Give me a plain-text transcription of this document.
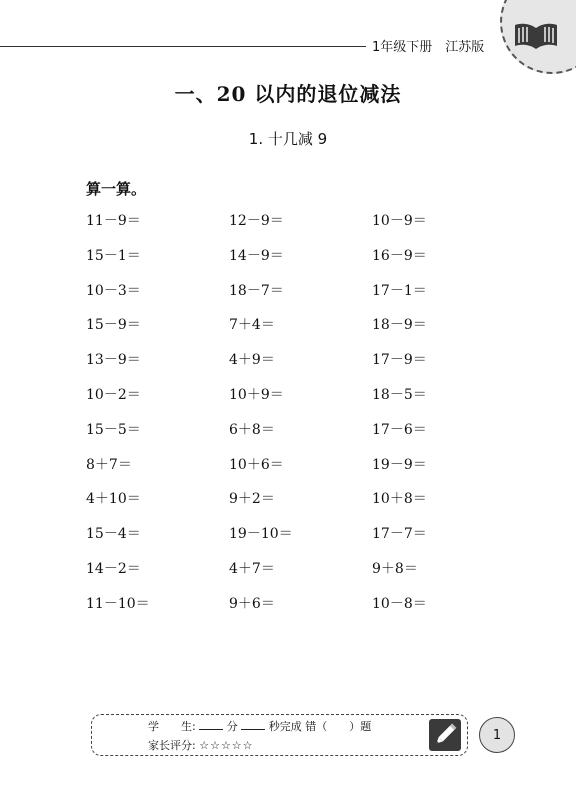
1年级下册　江苏版
一、20 以内的退位减法
1. 十几减 9
算一算。
11－9＝	12－9＝	10－9＝
15－1＝	14－9＝	16－9＝
10－3＝	18－7＝	17－1＝
15－9＝	7＋4＝	18－9＝
13－9＝	4＋9＝	17－9＝
10－2＝	10＋9＝	18－5＝
15－5＝	6＋8＝	17－6＝
8＋7＝	10＋6＝	19－9＝
4＋10＝	9＋2＝	10＋8＝
15－4＝	19－10＝	17－7＝
14－2＝	4＋7＝	9＋8＝
11－10＝	9＋6＝	10－8＝
学　　生:	分	秒完成 错（ ）题
家长评分: ☆☆☆☆☆
1
